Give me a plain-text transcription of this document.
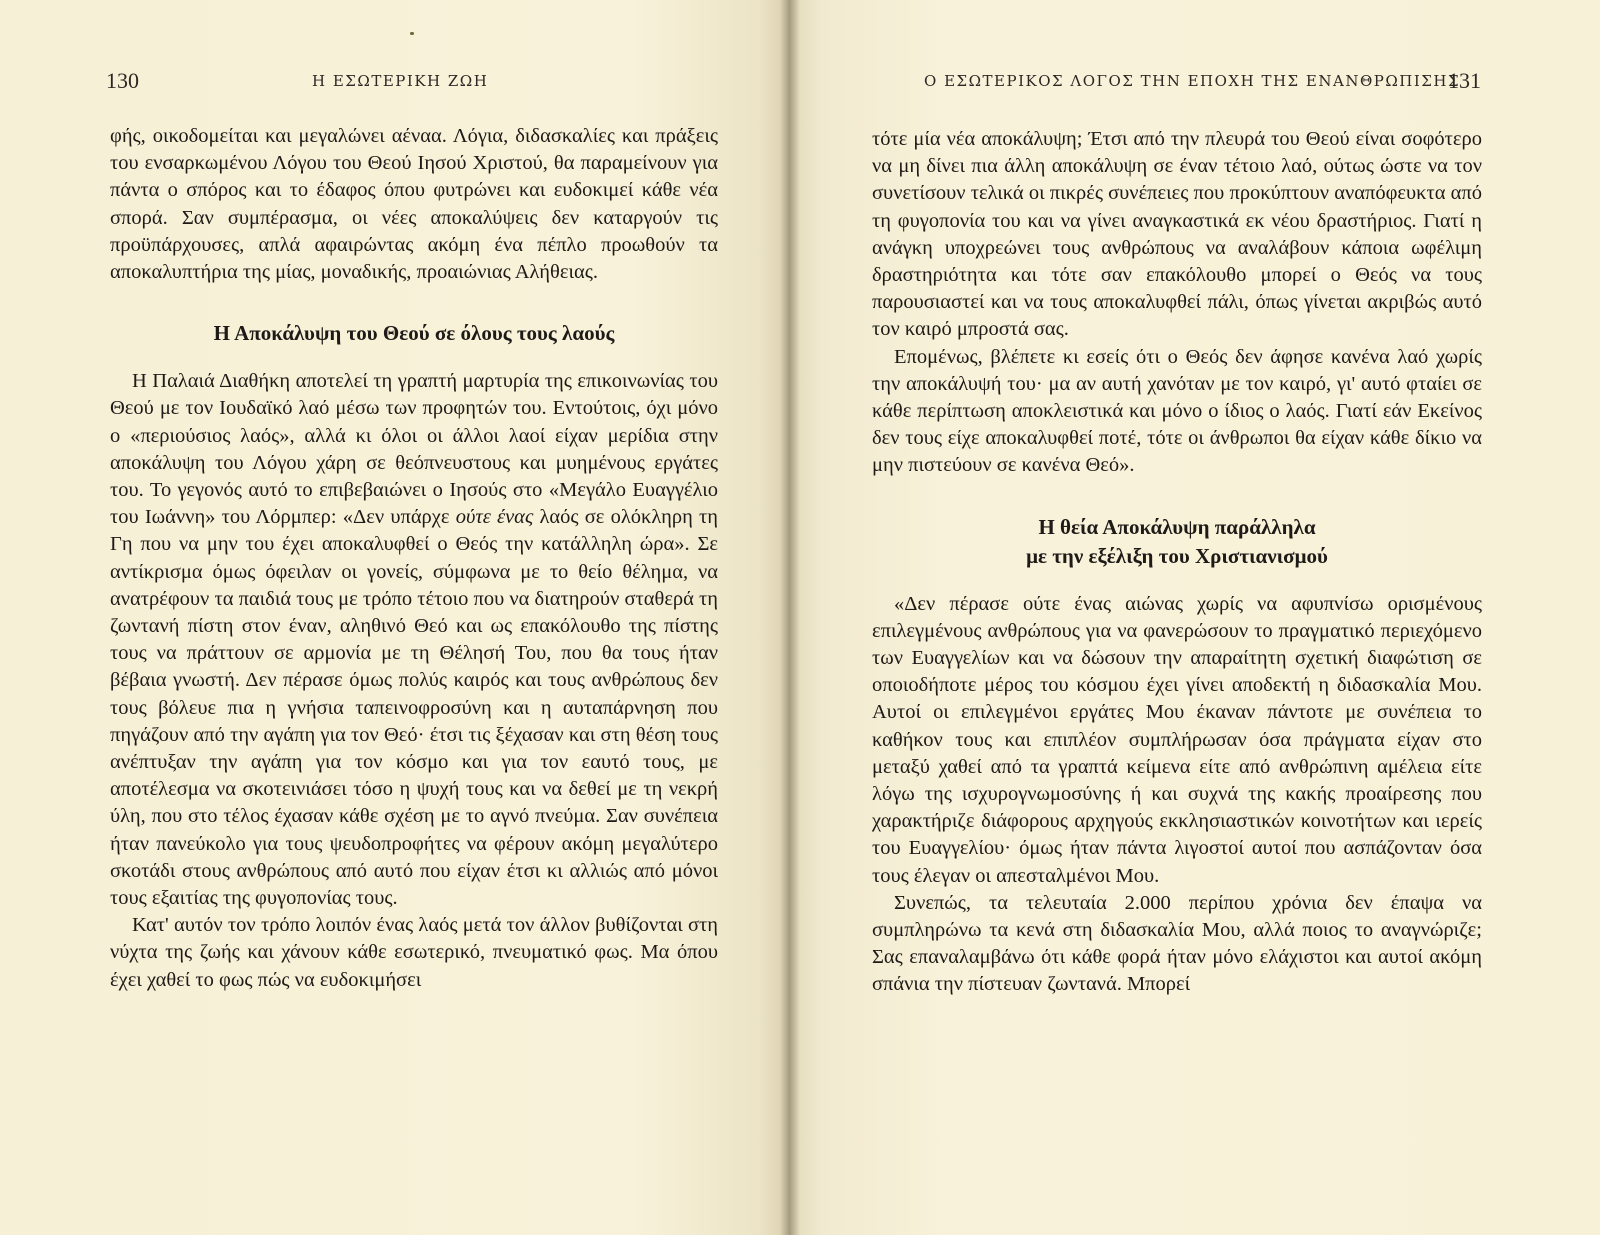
130	Η ΕΣΩΤΕΡΙΚΗ ΖΩΗ

φής, οικοδομείται και μεγαλώνει αέναα. Λόγια, διδασκαλίες και πράξεις του ενσαρκωμένου Λόγου του Θεού Ιησού Χριστού, θα παραμείνουν για πάντα ο σπόρος και το έδαφος όπου φυτρώνει και ευδοκιμεί κάθε νέα σπορά. Σαν συμπέρασμα, οι νέες αποκαλύψεις δεν καταργούν τις προϋπάρχουσες, απλά αφαιρώντας ακόμη ένα πέπλο προωθούν τα αποκαλυπτήρια της μίας, μοναδικής, προαιώνιας Αλήθειας.

Η Αποκάλυψη του Θεού σε όλους τους λαούς

Η Παλαιά Διαθήκη αποτελεί τη γραπτή μαρτυρία της επικοινωνίας του Θεού με τον Ιουδαϊκό λαό μέσω των προφητών του. Εντούτοις, όχι μόνο ο «περιούσιος λαός», αλλά κι όλοι οι άλλοι λαοί είχαν μερίδια στην αποκάλυψη του Λόγου χάρη σε θεόπνευστους και μυημένους εργάτες του. Το γεγονός αυτό το επιβεβαιώνει ο Ιησούς στο «Μεγάλο Ευαγγέλιο του Ιωάννη» του Λόρμπερ: «Δεν υπάρχε ούτε ένας λαός σε ολόκληρη τη Γη που να μην του έχει αποκαλυφθεί ο Θεός την κατάλληλη ώρα». Σε αντίκρισμα όμως όφειλαν οι γονείς, σύμφωνα με το θείο θέλημα, να ανατρέφουν τα παιδιά τους με τρόπο τέτοιο που να διατηρούν σταθερά τη ζωντανή πίστη στον έναν, αληθινό Θεό και ως επακόλουθο της πίστης τους να πράττουν σε αρμονία με τη Θέλησή Του, που θα τους ήταν βέβαια γνωστή. Δεν πέρασε όμως πολύς καιρός και τους ανθρώπους δεν τους βόλευε πια η γνήσια ταπεινοφροσύνη και η αυταπάρνηση που πηγάζουν από την αγάπη για τον Θεό· έτσι τις ξέχασαν και στη θέση τους ανέπτυξαν την αγάπη για τον κόσμο και για τον εαυτό τους, με αποτέλεσμα να σκοτεινιάσει τόσο η ψυχή τους και να δεθεί με τη νεκρή ύλη, που στο τέλος έχασαν κάθε σχέση με το αγνό πνεύμα. Σαν συνέπεια ήταν πανεύκολο για τους ψευδοπροφήτες να φέρουν ακόμη μεγαλύτερο σκοτάδι στους ανθρώπους από αυτό που είχαν έτσι κι αλλιώς από μόνοι τους εξαιτίας της φυγοπονίας τους.

Κατ' αυτόν τον τρόπο λοιπόν ένας λαός μετά τον άλλον βυθίζονται στη νύχτα της ζωής και χάνουν κάθε εσωτερικό, πνευματικό φως. Μα όπου έχει χαθεί το φως πώς να ευδοκιμήσει

Ο ΕΣΩΤΕΡΙΚΟΣ ΛΟΓΟΣ ΤΗΝ ΕΠΟΧΗ ΤΗΣ ΕΝΑΝΘΡΩΠΙΣΗΣ
131

τότε μία νέα αποκάλυψη; Έτσι από την πλευρά του Θεού είναι σοφότερο να μη δίνει πια άλλη αποκάλυψη σε έναν τέτοιο λαό, ούτως ώστε να τον συνετίσουν τελικά οι πικρές συνέπειες που προκύπτουν αναπόφευκτα από τη φυγοπονία του και να γίνει αναγκαστικά εκ νέου δραστήριος. Γιατί η ανάγκη υποχρεώνει τους ανθρώπους να αναλάβουν κάποια ωφέλιμη δραστηριότητα και τότε σαν επακόλουθο μπορεί ο Θεός να τους παρουσιαστεί και να τους αποκαλυφθεί πάλι, όπως γίνεται ακριβώς αυτό τον καιρό μπροστά σας.

Επομένως, βλέπετε κι εσείς ότι ο Θεός δεν άφησε κανένα λαό χωρίς την αποκάλυψή του· μα αν αυτή χανόταν με τον καιρό, γι' αυτό φταίει σε κάθε περίπτωση αποκλειστικά και μόνο ο ίδιος ο λαός. Γιατί εάν Εκείνος δεν τους είχε αποκαλυφθεί ποτέ, τότε οι άνθρωποι θα είχαν κάθε δίκιο να μην πιστεύουν σε κανένα Θεό».

Η θεία Αποκάλυψη παράλληλα
με την εξέλιξη του Χριστιανισμού

«Δεν πέρασε ούτε ένας αιώνας χωρίς να αφυπνίσω ορισμένους επιλεγμένους ανθρώπους για να φανερώσουν το πραγματικό περιεχόμενο των Ευαγγελίων και να δώσουν την απαραίτητη σχετική διαφώτιση σε οποιοδήποτε μέρος του κόσμου έχει γίνει αποδεκτή η διδασκαλία Μου. Αυτοί οι επιλεγμένοι εργάτες Μου έκαναν πάντοτε με συνέπεια το καθήκον τους και επιπλέον συμπλήρωσαν όσα πράγματα είχαν στο μεταξύ χαθεί από τα γραπτά κείμενα είτε από ανθρώπινη αμέλεια είτε λόγω της ισχυρογνωμοσύνης ή και συχνά της κακής προαίρεσης που χαρακτήριζε διάφορους αρχηγούς εκκλησιαστικών κοινοτήτων και ιερείς του Ευαγγελίου· όμως ήταν πάντα λιγοστοί αυτοί που ασπάζονταν όσα τους έλεγαν οι απεσταλμένοι Μου.

Συνεπώς, τα τελευταία 2.000 περίπου χρόνια δεν έπαψα να συμπληρώνω τα κενά στη διδασκαλία Μου, αλλά ποιος το αναγνώριζε; Σας επαναλαμβάνω ότι κάθε φορά ήταν μόνο ελάχιστοι και αυτοί ακόμη σπάνια την πίστευαν ζωντανά. Μπορεί
